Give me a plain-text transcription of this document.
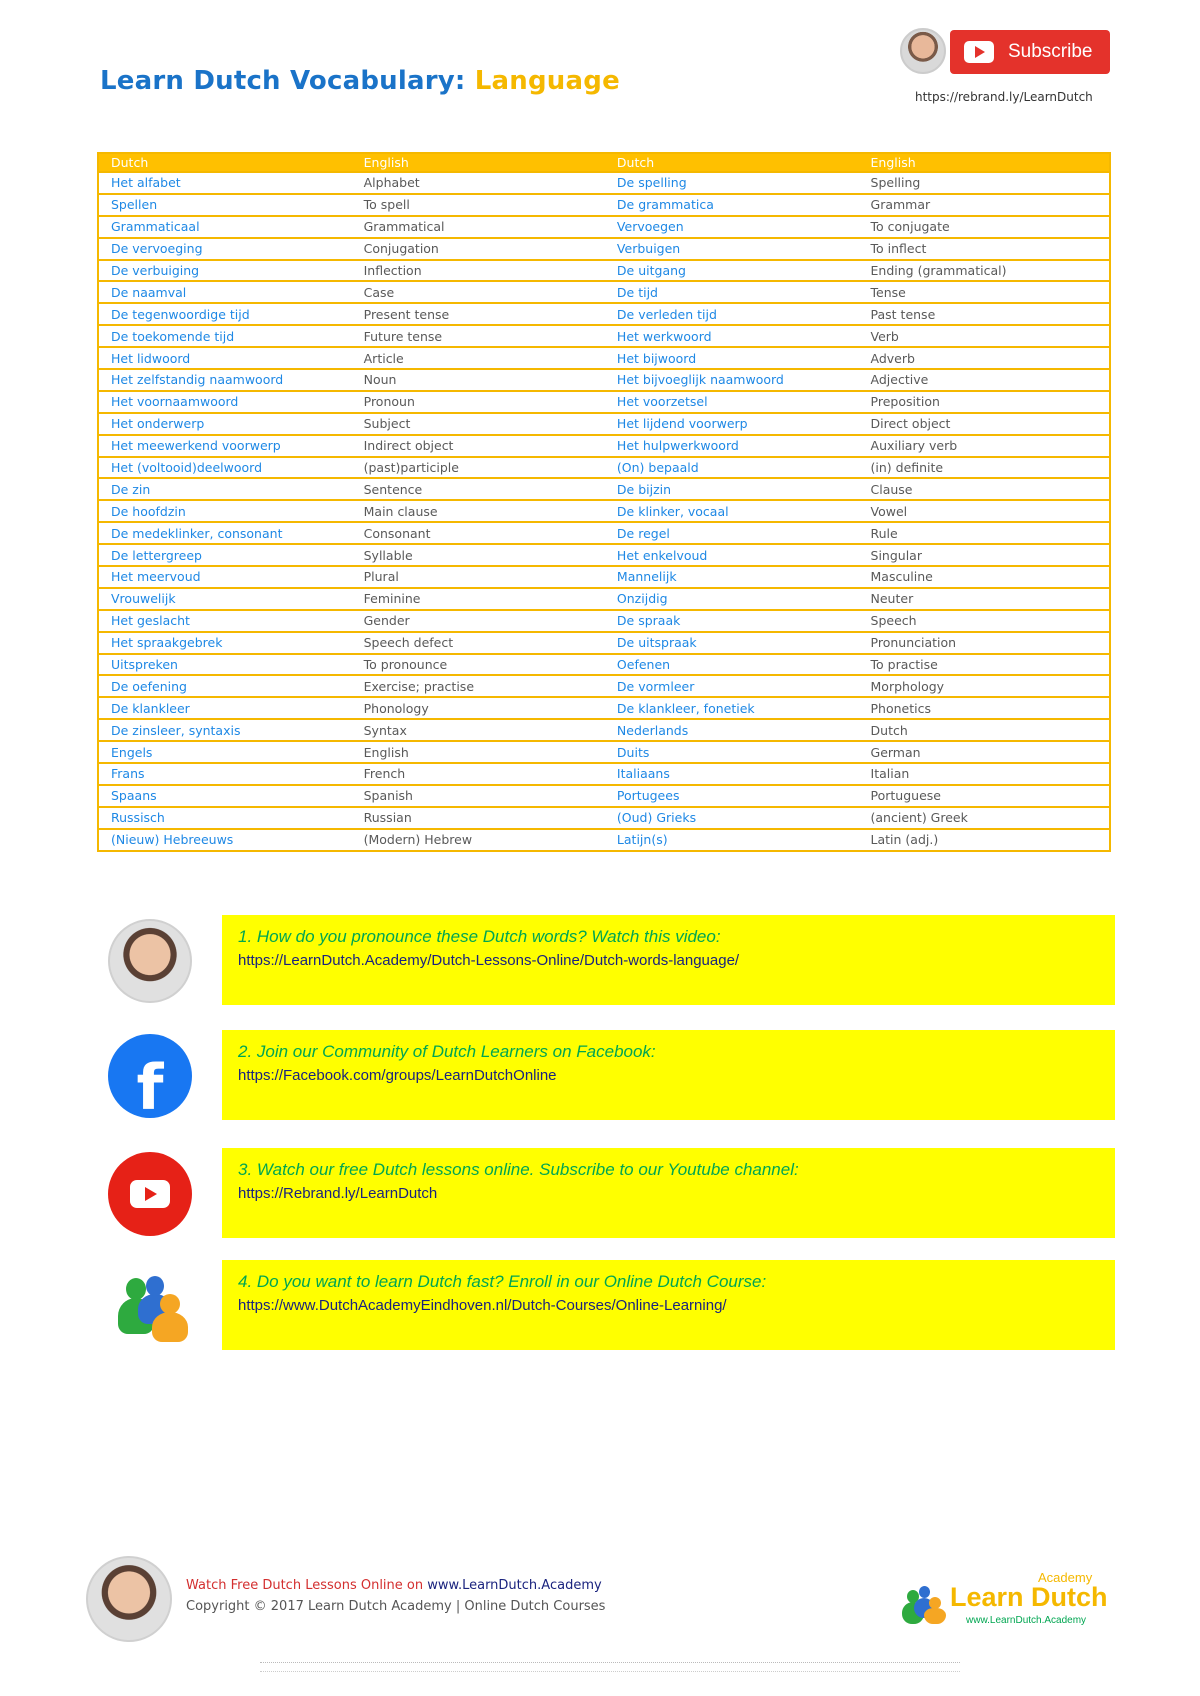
Learn Dutch Vocabulary: Language
Subscribe
https://rebrand.ly/LearnDutch
Dutch	English	Dutch	English
Het alfabet	Alphabet	De spelling	Spelling
Spellen	To spell	De grammatica	Grammar
Grammaticaal	Grammatical	Vervoegen	To conjugate
De vervoeging	Conjugation	Verbuigen	To inflect
De verbuiging	Inflection	De uitgang	Ending (grammatical)
De naamval	Case	De tijd	Tense
De tegenwoordige tijd	Present tense	De verleden tijd	Past tense
De toekomende tijd	Future tense	Het werkwoord	Verb
Het lidwoord	Article	Het bijwoord	Adverb
Het zelfstandig naamwoord	Noun	Het bijvoeglijk naamwoord	Adjective
Het voornaamwoord	Pronoun	Het voorzetsel	Preposition
Het onderwerp	Subject	Het lijdend voorwerp	Direct object
Het meewerkend voorwerp	Indirect object	Het hulpwerkwoord	Auxiliary verb
Het (voltooid)deelwoord	(past)participle	(On) bepaald	(in) definite
De zin	Sentence	De bijzin	Clause
De hoofdzin	Main clause	De klinker, vocaal	Vowel
De medeklinker, consonant	Consonant	De regel	Rule
De lettergreep	Syllable	Het enkelvoud	Singular
Het meervoud	Plural	Mannelijk	Masculine
Vrouwelijk	Feminine	Onzijdig	Neuter
Het geslacht	Gender	De spraak	Speech
Het spraakgebrek	Speech defect	De uitspraak	Pronunciation
Uitspreken	To pronounce	Oefenen	To practise
De oefening	Exercise; practise	De vormleer	Morphology
De klankleer	Phonology	De klankleer, fonetiek	Phonetics
De zinsleer, syntaxis	Syntax	Nederlands	Dutch
Engels	English	Duits	German
Frans	French	Italiaans	Italian
Spaans	Spanish	Portugees	Portuguese
Russisch	Russian	(Oud) Grieks	(ancient) Greek
(Nieuw) Hebreeuws	(Modern) Hebrew	Latijn(s)	Latin (adj.)
1. How do you pronounce these Dutch words? Watch this video:
https://LearnDutch.Academy/Dutch-Lessons-Online/Dutch-words-language/
f	2. Join our Community of Dutch Learners on Facebook:
https://Facebook.com/groups/LearnDutchOnline
3. Watch our free Dutch lessons online. Subscribe to our Youtube channel:
https://Rebrand.ly/LearnDutch
4. Do you want to learn Dutch fast? Enroll in our Online Dutch Course:
https://www.DutchAcademyEindhoven.nl/Dutch-Courses/Online-Learning/
Watch Free Dutch Lessons Online on www.LearnDutch.Academy
Copyright © 2017 Learn Dutch Academy | Online Dutch Courses
Academy
Learn Dutch
www.LearnDutch.Academy
